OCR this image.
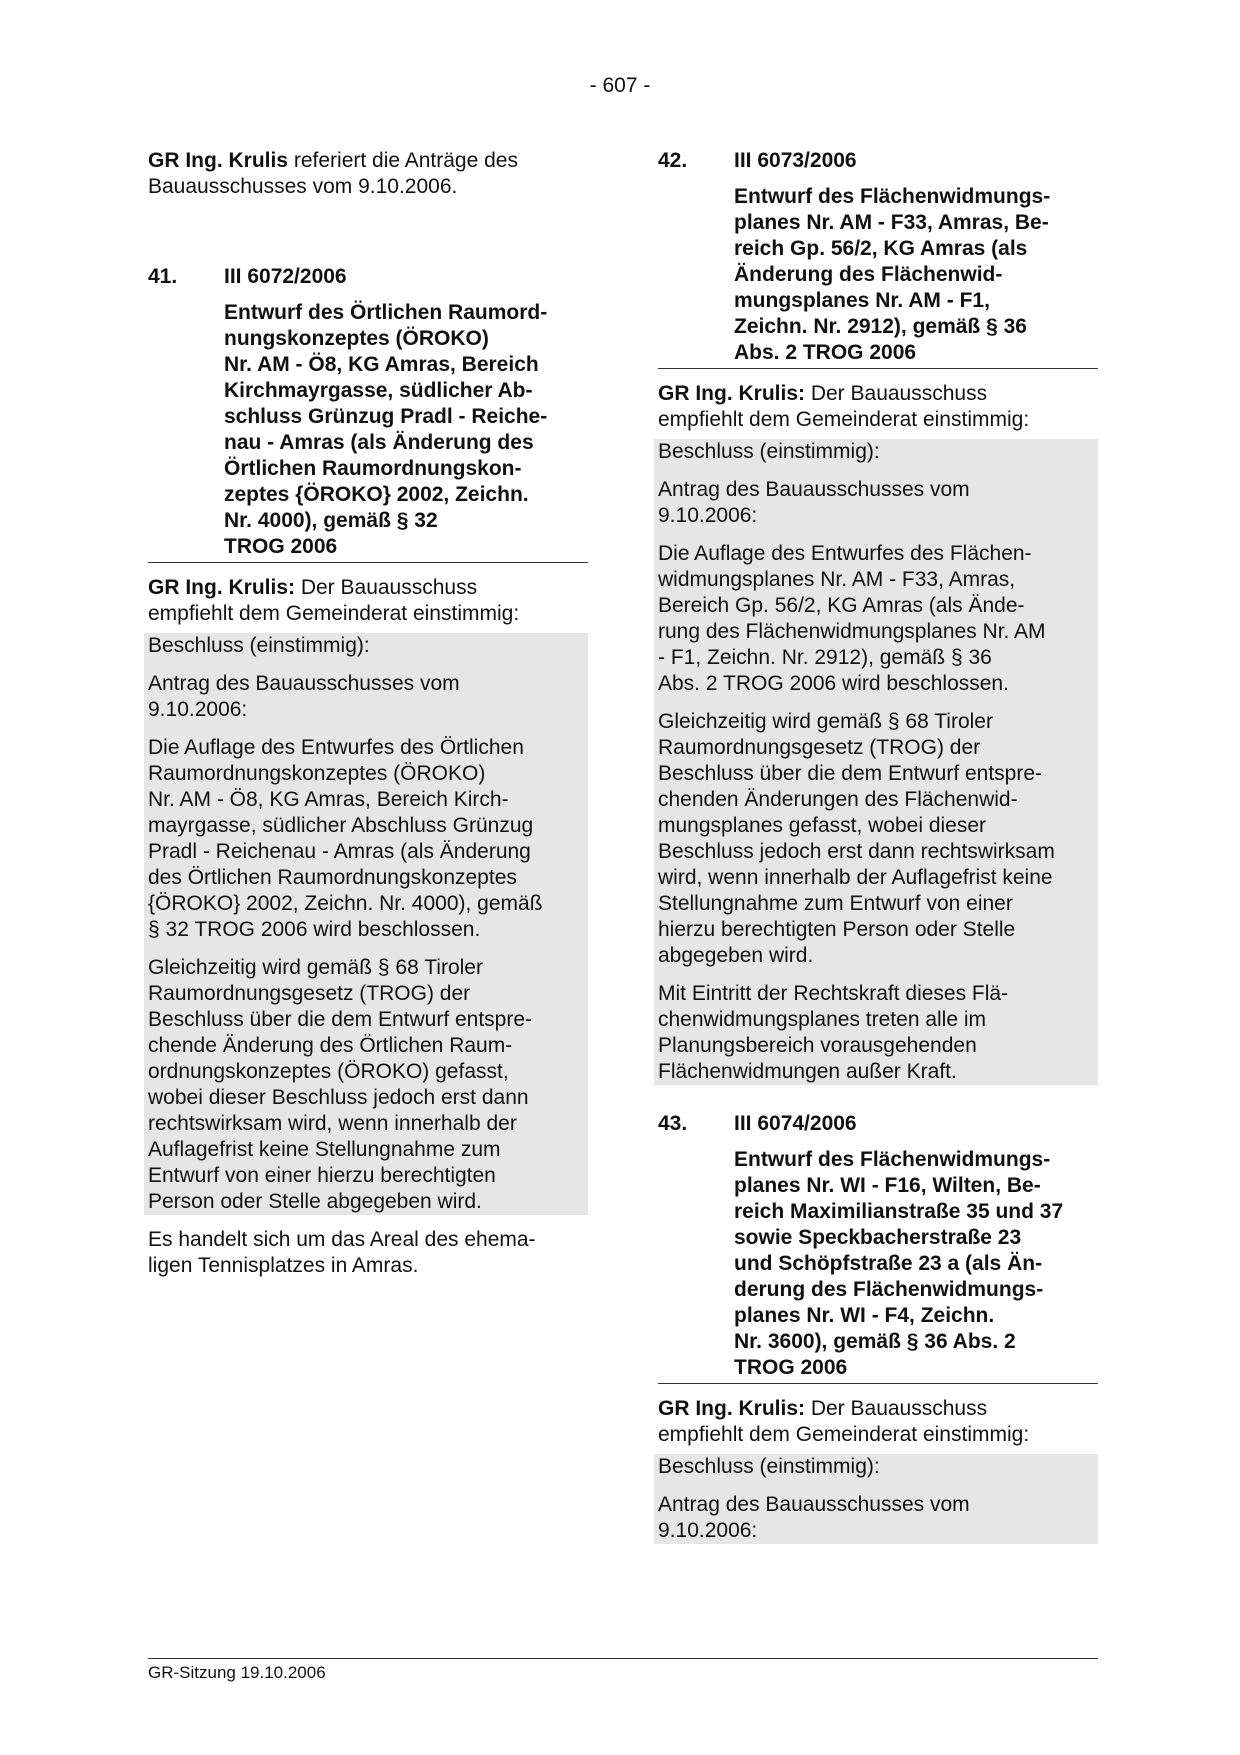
- 607 -

GR Ing. Krulis referiert die Anträge des
Bauausschusses vom 9.10.2006.

41.	III 6072/2006

Entwurf des Örtlichen Raumord-
nungskonzeptes (ÖROKO)
Nr. AM - Ö8, KG Amras, Bereich
Kirchmayrgasse, südlicher Ab-
schluss Grünzug Pradl - Reiche-
nau - Amras (als Änderung des
Örtlichen Raumordnungskon-
zeptes {ÖROKO} 2002, Zeichn.
Nr. 4000), gemäß § 32
TROG 2006

GR Ing. Krulis: Der Bauausschuss
empfiehlt dem Gemeinderat einstimmig:

Beschluss (einstimmig):

Antrag des Bauausschusses vom
9.10.2006:

Die Auflage des Entwurfes des Örtlichen
Raumordnungskonzeptes (ÖROKO)
Nr. AM - Ö8, KG Amras, Bereich Kirch-
mayrgasse, südlicher Abschluss Grünzug
Pradl - Reichenau - Amras (als Änderung
des Örtlichen Raumordnungskonzeptes
{ÖROKO} 2002, Zeichn. Nr. 4000), gemäß
§ 32 TROG 2006 wird beschlossen.

Gleichzeitig wird gemäß § 68 Tiroler
Raumordnungsgesetz (TROG) der
Beschluss über die dem Entwurf entspre-
chende Änderung des Örtlichen Raum-
ordnungskonzeptes (ÖROKO) gefasst,
wobei dieser Beschluss jedoch erst dann
rechtswirksam wird, wenn innerhalb der
Auflagefrist keine Stellungnahme zum
Entwurf von einer hierzu berechtigten
Person oder Stelle abgegeben wird.

Es handelt sich um das Areal des ehema-
ligen Tennisplatzes in Amras.

42.	III 6073/2006

Entwurf des Flächenwidmungs-
planes Nr. AM - F33, Amras, Be-
reich Gp. 56/2, KG Amras (als
Änderung des Flächenwid-
mungsplanes Nr. AM - F1,
Zeichn. Nr. 2912), gemäß § 36
Abs. 2 TROG 2006

GR Ing. Krulis: Der Bauausschuss
empfiehlt dem Gemeinderat einstimmig:

Beschluss (einstimmig):

Antrag des Bauausschusses vom
9.10.2006:

Die Auflage des Entwurfes des Flächen-
widmungsplanes Nr. AM - F33, Amras,
Bereich Gp. 56/2, KG Amras (als Ände-
rung des Flächenwidmungsplanes Nr. AM
- F1, Zeichn. Nr. 2912), gemäß § 36
Abs. 2 TROG 2006 wird beschlossen.

Gleichzeitig wird gemäß § 68 Tiroler
Raumordnungsgesetz (TROG) der
Beschluss über die dem Entwurf entspre-
chenden Änderungen des Flächenwid-
mungsplanes gefasst, wobei dieser
Beschluss jedoch erst dann rechtswirksam
wird, wenn innerhalb der Auflagefrist keine
Stellungnahme zum Entwurf von einer
hierzu berechtigten Person oder Stelle
abgegeben wird.

Mit Eintritt der Rechtskraft dieses Flä-
chenwidmungsplanes treten alle im
Planungsbereich vorausgehenden
Flächenwidmungen außer Kraft.

43.	III 6074/2006

Entwurf des Flächenwidmungs-
planes Nr. WI - F16, Wilten, Be-
reich Maximilianstraße 35 und 37
sowie Speckbacherstraße 23
und Schöpfstraße 23 a (als Än-
derung des Flächenwidmungs-
planes Nr. WI - F4, Zeichn.
Nr. 3600), gemäß § 36 Abs. 2
TROG 2006

GR Ing. Krulis: Der Bauausschuss
empfiehlt dem Gemeinderat einstimmig:

Beschluss (einstimmig):

Antrag des Bauausschusses vom
9.10.2006:

GR-Sitzung 19.10.2006
